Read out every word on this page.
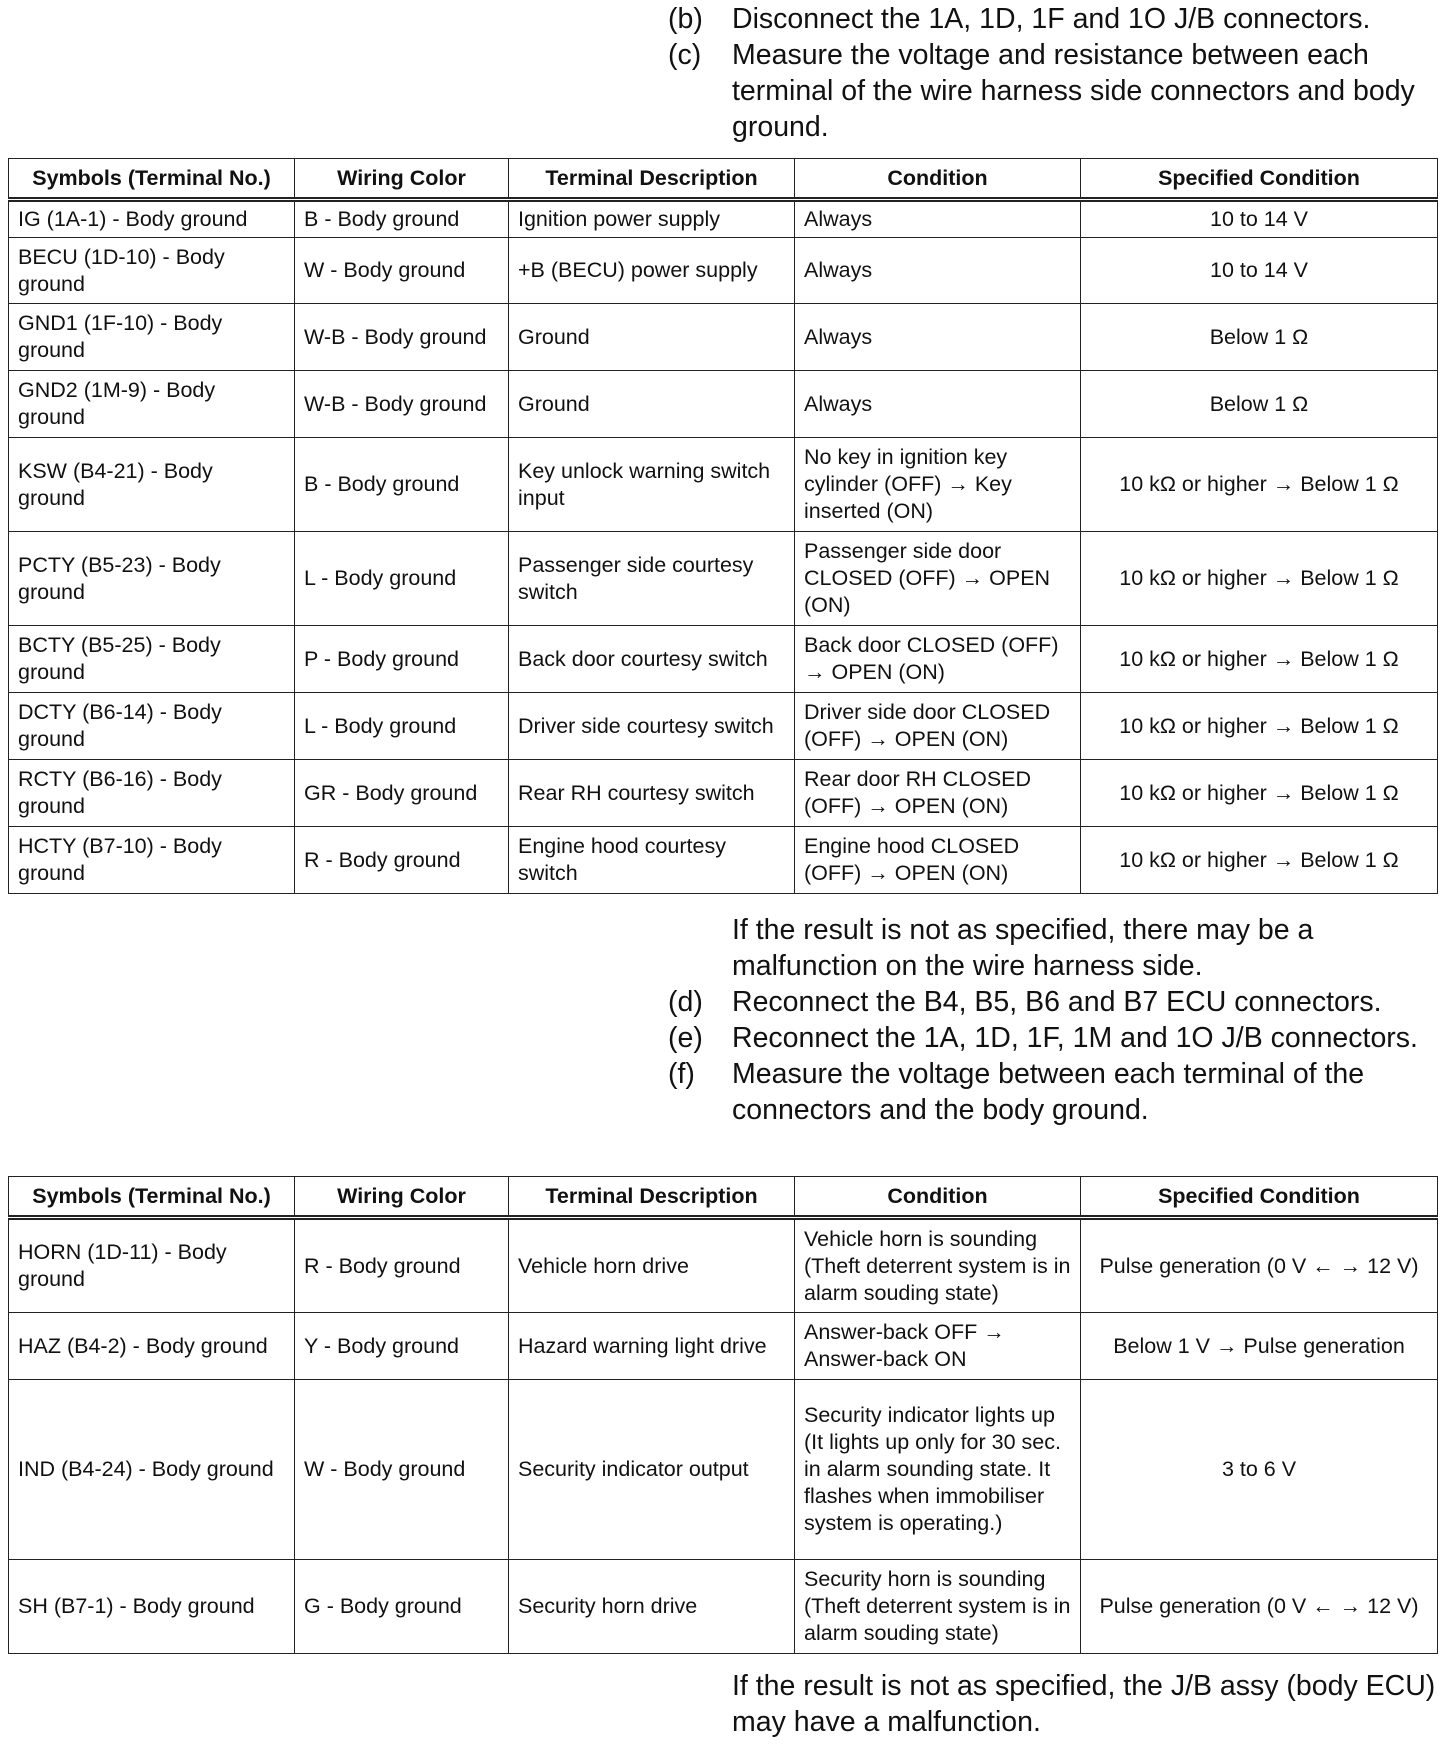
(b)	Disconnect the 1A, 1D, 1F and 1O J/B connectors.
(c)	Measure the voltage and resistance between each terminal of the wire harness side connectors and body ground.
Symbols (Terminal No.)	Wiring Color	Terminal Description	Condition	Specified Condition
IG (1A-1) - Body ground	B - Body ground	Ignition power supply	Always	10 to 14 V
BECU (1D-10) - Body ground	W - Body ground	+B (BECU) power supply	Always	10 to 14 V
GND1 (1F-10) - Body ground	W-B - Body ground	Ground	Always	Below 1 Ω
GND2 (1M-9) - Body ground	W-B - Body ground	Ground	Always	Below 1 Ω
KSW (B4-21) - Body ground	B - Body ground	Key unlock warning switch input	No key in ignition key cylinder (OFF) → Key inserted (ON)	10 kΩ or higher → Below 1 Ω
PCTY (B5-23) - Body ground	L - Body ground	Passenger side courtesy switch	Passenger side door CLOSED (OFF) → OPEN (ON)	10 kΩ or higher → Below 1 Ω
BCTY (B5-25) - Body ground	P - Body ground	Back door courtesy switch	Back door CLOSED (OFF) → OPEN (ON)	10 kΩ or higher → Below 1 Ω
DCTY (B6-14) - Body ground	L - Body ground	Driver side courtesy switch	Driver side door CLOSED (OFF) → OPEN (ON)	10 kΩ or higher → Below 1 Ω
RCTY (B6-16) - Body ground	GR - Body ground	Rear RH courtesy switch	Rear door RH CLOSED (OFF) → OPEN (ON)	10 kΩ or higher → Below 1 Ω
HCTY (B7-10) - Body ground	R - Body ground	Engine hood courtesy switch	Engine hood CLOSED (OFF) → OPEN (ON)	10 kΩ or higher → Below 1 Ω
If the result is not as specified, there may be a malfunction on the wire harness side.
(d)	Reconnect the B4, B5, B6 and B7 ECU connectors.
(e)	Reconnect the 1A, 1D, 1F, 1M and 1O J/B connectors.
(f)	Measure the voltage between each terminal of the connectors and the body ground.
Symbols (Terminal No.)	Wiring Color	Terminal Description	Condition	Specified Condition
HORN (1D-11) - Body ground	R - Body ground	Vehicle horn drive	Vehicle horn is sounding (Theft deterrent system is in alarm souding state)	Pulse generation (0 V ← → 12 V)
HAZ (B4-2) - Body ground	Y - Body ground	Hazard warning light drive	Answer-back OFF → Answer-back ON	Below 1 V → Pulse generation
IND (B4-24) - Body ground	W - Body ground	Security indicator output	Security indicator lights up (It lights up only for 30 sec. in alarm sounding state. It flashes when immobiliser system is operating.)	3 to 6 V
SH (B7-1) - Body ground	G - Body ground	Security horn drive	Security horn is sounding (Theft deterrent system is in alarm souding state)	Pulse generation (0 V ← → 12 V)
If the result is not as specified, the J/B assy (body ECU) may have a malfunction.
